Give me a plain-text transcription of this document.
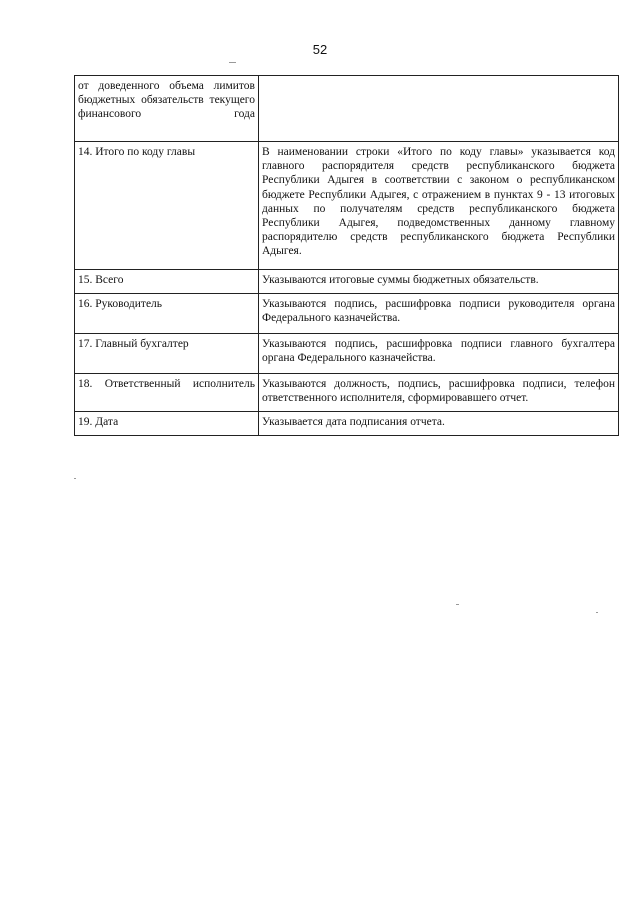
52
от доведенного объема лимитов бюджетных обязательств текущего финансового года	
14. Итого по коду главы	В наименовании строки «Итого по коду главы» указывается код главного распорядителя средств республиканского бюджета Республики Адыгея в соответствии с законом о республиканском бюджете Республики Адыгея, с отражением в пунктах 9 - 13 итоговых данных по получателям средств республиканского бюджета Республики Адыгея, подведомственных данному главному распорядителю средств республиканского бюджета Республики Адыгея.
15. Всего	Указываются итоговые суммы бюджетных обязательств.
16. Руководитель	Указываются подпись, расшифровка подписи руководителя органа Федерального казначейства.
17. Главный бухгалтер	Указываются подпись, расшифровка подписи главного бухгалтера органа Федерального казначейства.
18. Ответственный исполнитель	Указываются должность, подпись, расшифровка подписи, телефон ответственного исполнителя, сформировавшего отчет.
19. Дата	Указывается дата подписания отчета.
